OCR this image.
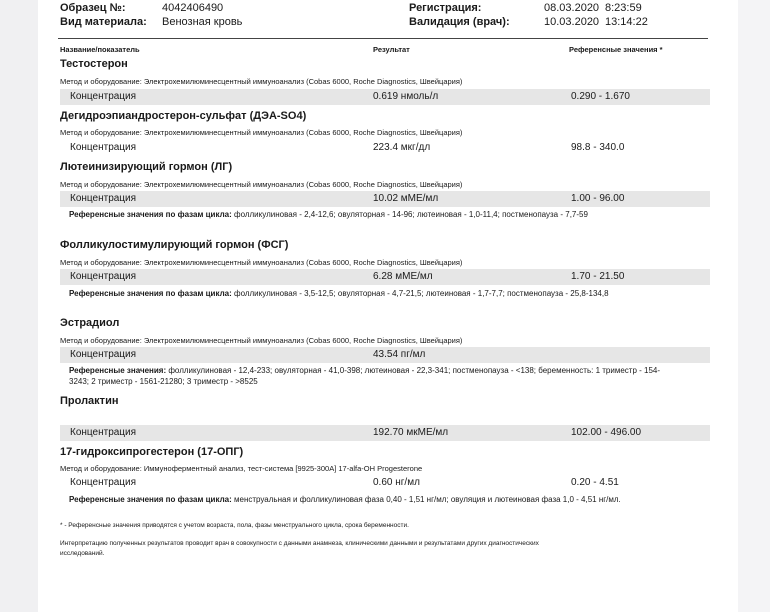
Образец №:	4042406490
Вид материала: Венозная кровь
Регистрация:	08.03.2020 8:23:59
Валидация (врач):	10.03.2020 13:14:22
Название/показатель	Результат	Референсные значения *
Тестостерон
Метод и оборудование: Электрохемилюминесцентный иммуноанализ (Cobas 6000, Roche Diagnostics, Швейцария)
Концентрация	0.619 нмоль/л	0.290 - 1.670
Дегидроэпиандростерон-сульфат (ДЭА-SO4)
Метод и оборудование: Электрохемилюминесцентный иммуноанализ (Cobas 6000, Roche Diagnostics, Швейцария)
Концентрация	223.4 мкг/дл	98.8 - 340.0
Лютеинизирующий гормон (ЛГ)
Метод и оборудование: Электрохемилюминесцентный иммуноанализ (Cobas 6000, Roche Diagnostics, Швейцария)
Концентрация	10.02 мМЕ/мл	1.00 - 96.00
Референсные значения по фазам цикла: фолликулиновая - 2,4-12,6; овуляторная - 14-96; лютеиновая - 1,0-11,4; постменопауза - 7,7-59
Фолликулостимулирующий гормон (ФСГ)
Метод и оборудование: Электрохемилюминесцентный иммуноанализ (Cobas 6000, Roche Diagnostics, Швейцария)
Концентрация	6.28 мМЕ/мл	1.70 - 21.50
Референсные значения по фазам цикла: фолликулиновая - 3,5-12,5; овуляторная - 4,7-21,5; лютеиновая - 1,7-7,7; постменопауза - 25,8-134,8
Эстрадиол
Метод и оборудование: Электрохемилюминесцентный иммуноанализ (Cobas 6000, Roche Diagnostics, Швейцария)
Концентрация	43.54 пг/мл
Референсные значения: фолликулиновая - 12,4-233; овуляторная - 41,0-398; лютеиновая - 22,3-341; постменопауза - <138; беременность: 1 триместр - 154-3243; 2 триместр - 1561-21280; 3 триместр - >8525
Пролактин
Концентрация	192.70 мкМЕ/мл	102.00 - 496.00
17-гидроксипрогестерон (17-ОПГ)
Метод и оборудование: Иммуноферментный анализ, тест-система [9925-300A] 17-alfa-OH Progesterone
Концентрация	0.60 нг/мл	0.20 - 4.51
Референсные значения по фазам цикла: менструальная и фолликулиновая фаза 0,40 - 1,51 нг/мл; овуляция и лютеиновая фаза 1,0 - 4,51 нг/мл.
* - Референсные значения приводятся с учетом возраста, пола, фазы менструального цикла, срока беременности.
Интерпретацию полученных результатов проводит врач в совокупности с данными анамнеза, клиническими данными и результатами других диагностических исследований.
